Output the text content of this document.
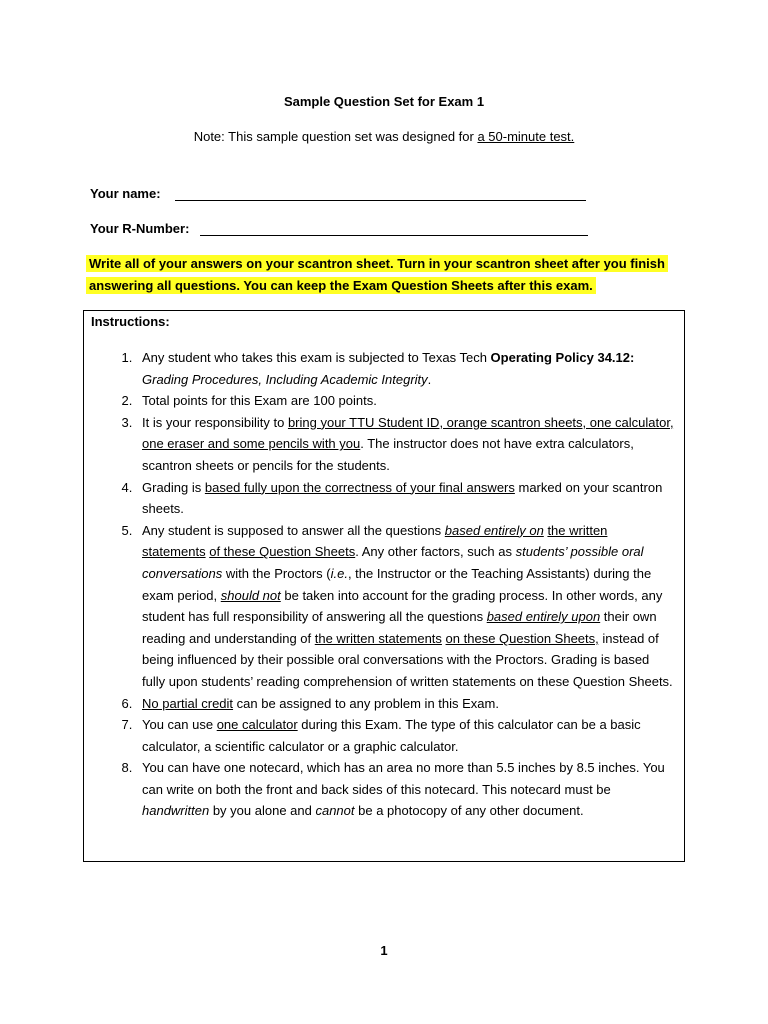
Sample Question Set for Exam 1
Note: This sample question set was designed for a 50-minute test.
Your name:
Your R-Number:
Write all of your answers on your scantron sheet. Turn in your scantron sheet after you finish
answering all questions. You can keep the Exam Question Sheets after this exam.
Instructions:
1. Any student who takes this exam is subjected to Texas Tech Operating Policy 34.12:
Grading Procedures, Including Academic Integrity.
2. Total points for this Exam are 100 points.
3. It is your responsibility to bring your TTU Student ID, orange scantron sheets, one calculator, one eraser and some pencils with you. The instructor does not have extra calculators, scantron sheets or pencils for the students.
4. Grading is based fully upon the correctness of your final answers marked on your scantron sheets.
5. Any student is supposed to answer all the questions based entirely on the written statements of these Question Sheets. Any other factors, such as students’ possible oral conversations with the Proctors (i.e., the Instructor or the Teaching Assistants) during the exam period, should not be taken into account for the grading process. In other words, any student has full responsibility of answering all the questions based entirely upon their own reading and understanding of the written statements on these Question Sheets, instead of being influenced by their possible oral conversations with the Proctors. Grading is based fully upon students’ reading comprehension of written statements on these Question Sheets.
6. No partial credit can be assigned to any problem in this Exam.
7. You can use one calculator during this Exam. The type of this calculator can be a basic calculator, a scientific calculator or a graphic calculator.
8. You can have one notecard, which has an area no more than 5.5 inches by 8.5 inches. You can write on both the front and back sides of this notecard. This notecard must be handwritten by you alone and cannot be a photocopy of any other document.
1
